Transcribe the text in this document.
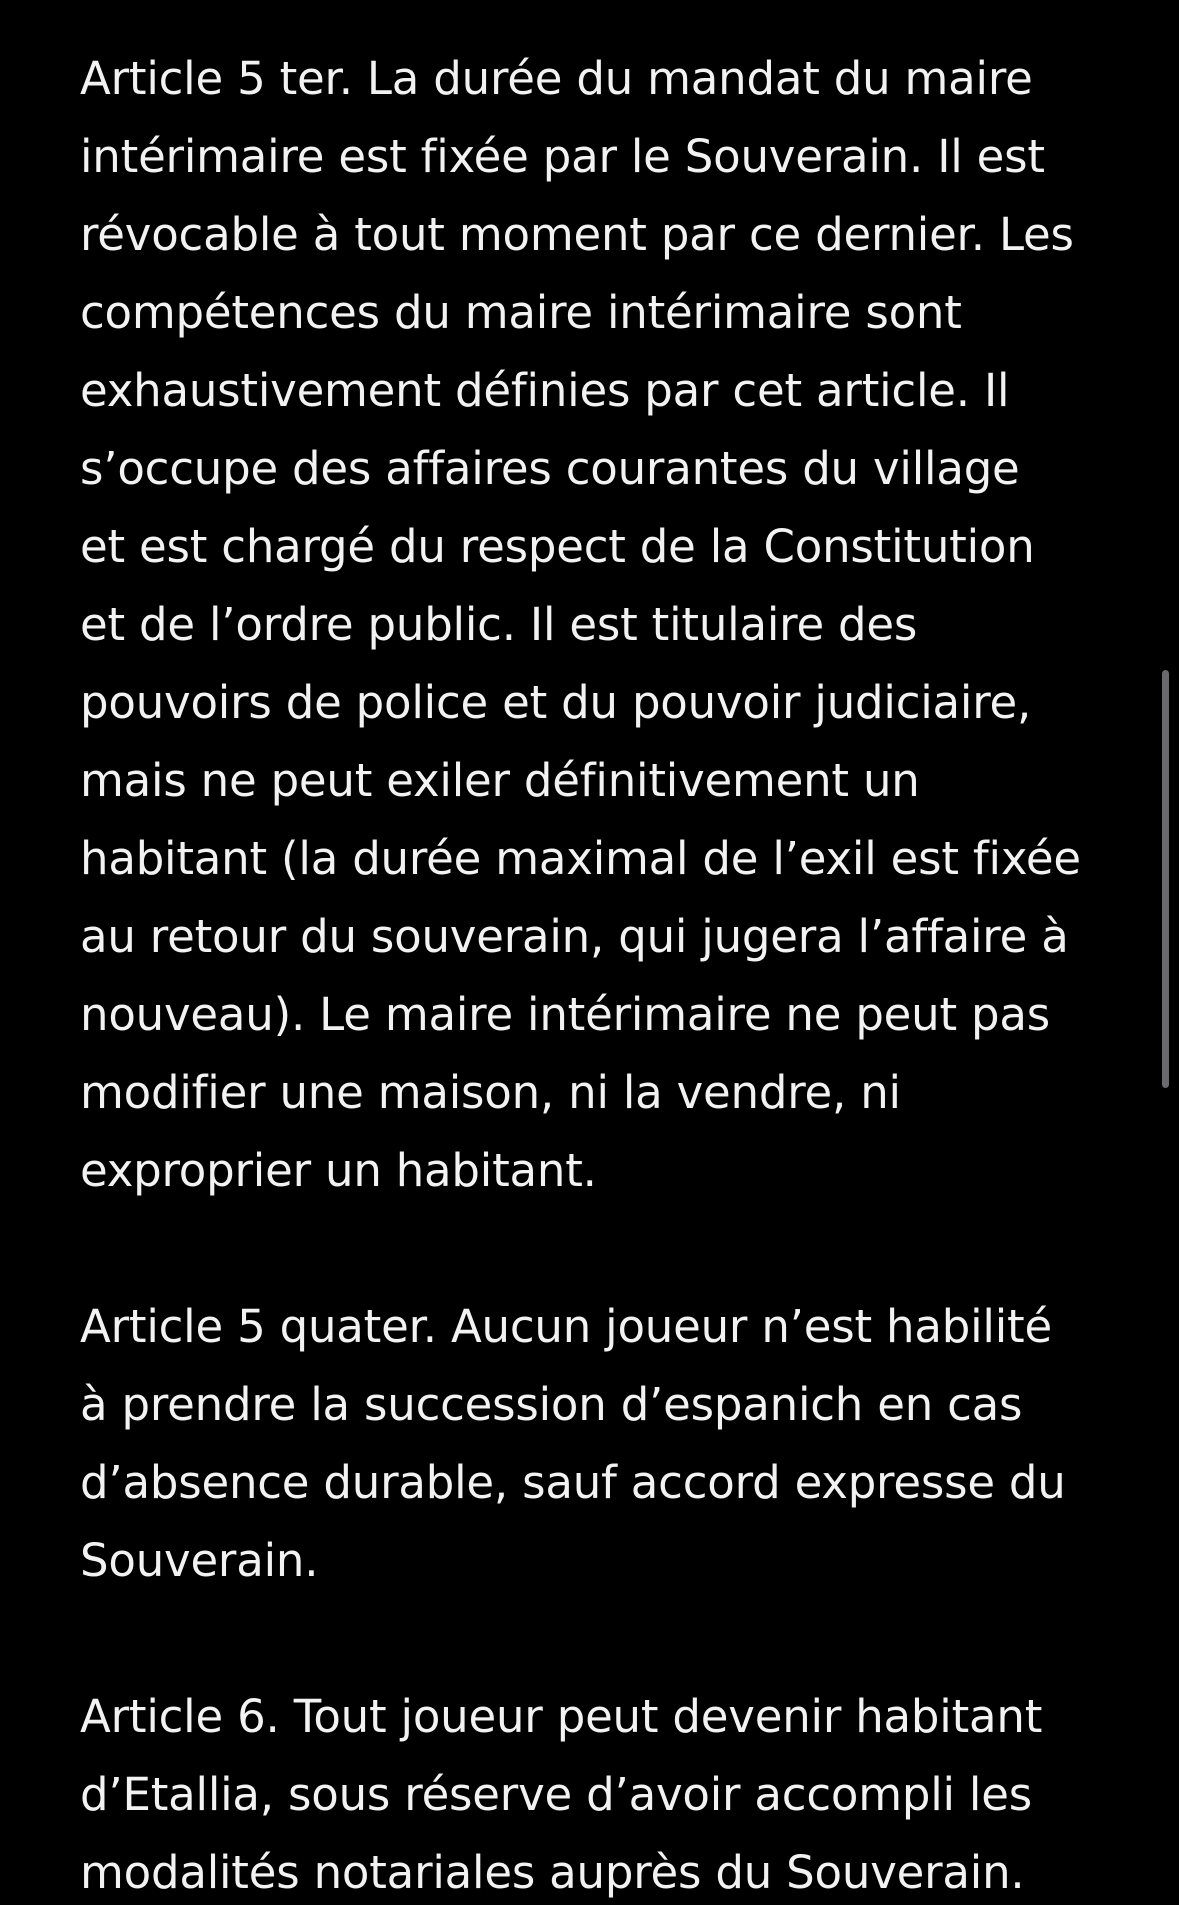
Article 5 ter. La durée du mandat du maire
intérimaire est fixée par le Souverain. Il est
révocable à tout moment par ce dernier. Les
compétences du maire intérimaire sont
exhaustivement définies par cet article. Il
s’occupe des affaires courantes du village
et est chargé du respect de la Constitution
et de l’ordre public. Il est titulaire des
pouvoirs de police et du pouvoir judiciaire,
mais ne peut exiler définitivement un
habitant (la durée maximal de l’exil est fixée
au retour du souverain, qui jugera l’affaire à
nouveau). Le maire intérimaire ne peut pas
modifier une maison, ni la vendre, ni
exproprier un habitant.

Article 5 quater. Aucun joueur n’est habilité
à prendre la succession d’espanich en cas
d’absence durable, sauf accord expresse du
Souverain.

Article 6. Tout joueur peut devenir habitant
d’Etallia, sous réserve d’avoir accompli les
modalités notariales auprès du Souverain.
